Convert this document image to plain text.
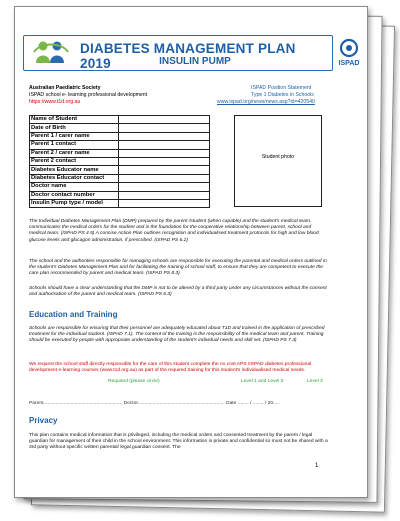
DIABETES MANAGEMENT PLAN 2019	INSULIN PUMP	ISPAD
Australian Paediatric Society
ISPAD school e- learning professional development
https://www.t1d.org.au
ISPAD Position Statement
Type 1 Diabetes in Schools
www.ispad.org/news/news.asp?id=420540
Name of Student	
Date of Birth	
Parent 1 / carer name	
Parent 1 contact	
Parent 2 / carer name	
Parent 2 contact	
Diabetes Educator name	
Diabetes Educator contact	
Doctor name	
Doctor contact number	
Insulin Pump type / model	
Student photo
The Individual Diabetes Management Plan (DMP) prepared by the parent /student (when capable) and the student's medical team, communicates the medical orders for the student and is the foundation for the cooperative relationship between parent, school and medical team. (ISPAD PS 4.5) A concise Action Plan outlines recognition and individualised treatment protocols for high and low blood glucose levels and glucagon administration, if prescribed. (ISPAD PS 6.2)
The school and the authorities responsible for managing schools are responsible for executing the parental and medical orders outlined in the student's Diabetes Management Plan and for facilitating the training of school staff, to ensure that they are competent to execute the care plan recommended by parent and medical team. (ISPAD PS 8.3)
Schools should have a clear understanding that the DMP is not to be altered by a third party under any circumstances without the consent and authorisation of the parent and medical team. (ISPAD PS 6.3)
Education and Training
Schools are responsible for ensuring that their personnel are adequately educated about T1D and trained in the application of prescribed treatment for the individual student. (ISPAD 7.1). The content of the training is the responsibility of the medical team and parent. Training should be executed by people with appropriate understanding of the student's individual needs and skill set. (ISPAD PS 7.3)
We request the school staff directly responsible for the care of this student complete the no cost APS /ISPAD diabetes professional development e-learning courses (www.t1d.org.au) as part of the required training for this student's individualised medical needs.
Required (please circle)	Level 1 and Level 2	Level 3
Parent.......................................................... Doctor................................................................ Date ........ / ........ / 20.....
Privacy
This plan contains medical information that is privileged, including the medical orders and consented treatment by the parent / legal guardian for management of their child in the school environment. This information is private and confidential so must not be shared with a 3rd party without specific written parental/ legal guardian consent. The
1
